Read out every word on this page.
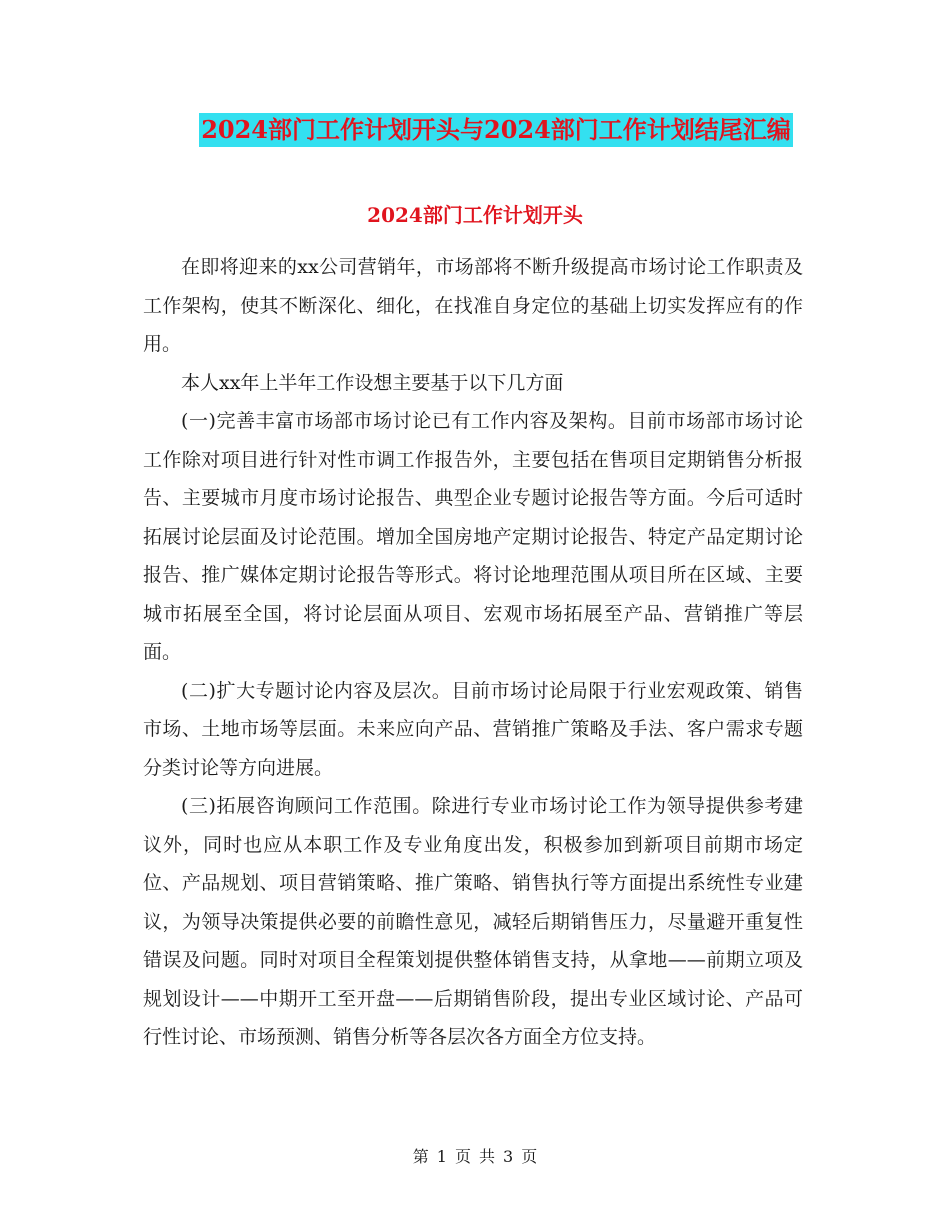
2024部门工作计划开头与2024部门工作计划结尾汇编
2024部门工作计划开头

在即将迎来的xx公司营销年，市场部将不断升级提高市场讨论工作职责及工作架构，使其不断深化、细化，在找准自身定位的基础上切实发挥应有的作用。

本人xx年上半年工作设想主要基于以下几方面

(一)完善丰富市场部市场讨论已有工作内容及架构。目前市场部市场讨论工作除对项目进行针对性市调工作报告外，主要包括在售项目定期销售分析报告、主要城市月度市场讨论报告、典型企业专题讨论报告等方面。今后可适时拓展讨论层面及讨论范围。增加全国房地产定期讨论报告、特定产品定期讨论报告、推广媒体定期讨论报告等形式。将讨论地理范围从项目所在区域、主要城市拓展至全国，将讨论层面从项目、宏观市场拓展至产品、营销推广等层面。

(二)扩大专题讨论内容及层次。目前市场讨论局限于行业宏观政策、销售市场、土地市场等层面。未来应向产品、营销推广策略及手法、客户需求专题分类讨论等方向进展。

(三)拓展咨询顾问工作范围。除进行专业市场讨论工作为领导提供参考建议外，同时也应从本职工作及专业角度出发，积极参加到新项目前期市场定位、产品规划、项目营销策略、推广策略、销售执行等方面提出系统性专业建议，为领导决策提供必要的前瞻性意见，减轻后期销售压力，尽量避开重复性错误及问题。同时对项目全程策划提供整体销售支持，从拿地——前期立项及规划设计——中期开工至开盘——后期销售阶段，提出专业区域讨论、产品可行性讨论、市场预测、销售分析等各层次各方面全方位支持。

第 1 页 共 3 页
